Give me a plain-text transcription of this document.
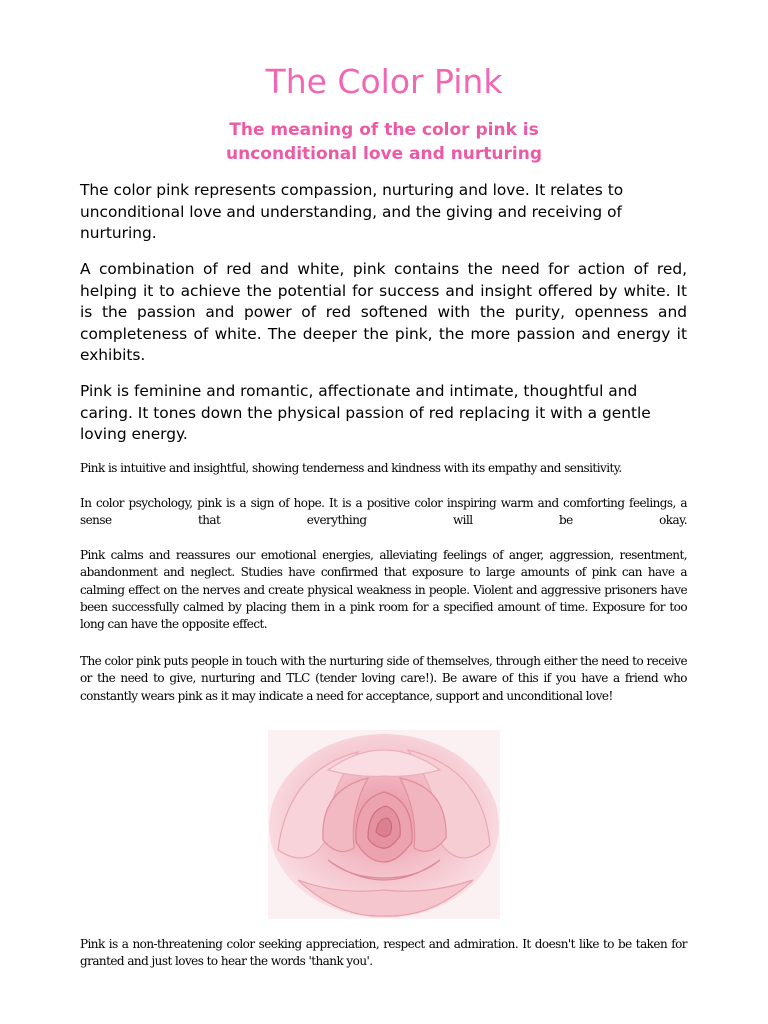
The Color Pink
The meaning of the color pink is
unconditional love and nurturing

The color pink represents compassion, nurturing and love. It relates to unconditional love and understanding, and the giving and receiving of nurturing.

A combination of red and white, pink contains the need for action of red, helping it to achieve the potential for success and insight offered by white. It is the passion and power of red softened with the purity, openness and completeness of white. The deeper the pink, the more passion and energy it exhibits.

Pink is feminine and romantic, affectionate and intimate, thoughtful and caring. It tones down the physical passion of red replacing it with a gentle loving energy.

Pink is intuitive and insightful, showing tenderness and kindness with its empathy and sensitivity.

In color psychology, pink is a sign of hope. It is a positive color inspiring warm and comforting feelings, a sense that everything will be okay.

Pink calms and reassures our emotional energies, alleviating feelings of anger, aggression, resentment, abandonment and neglect. Studies have confirmed that exposure to large amounts of pink can have a calming effect on the nerves and create physical weakness in people. Violent and aggressive prisoners have been successfully calmed by placing them in a pink room for a specified amount of time. Exposure for too long can have the opposite effect.

The color pink puts people in touch with the nurturing side of themselves, through either the need to receive or the need to give, nurturing and TLC (tender loving care!). Be aware of this if you have a friend who constantly wears pink as it may indicate a need for acceptance, support and unconditional love!

Pink is a non-threatening color seeking appreciation, respect and admiration. It doesn't like to be taken for granted and just loves to hear the words 'thank you'.
